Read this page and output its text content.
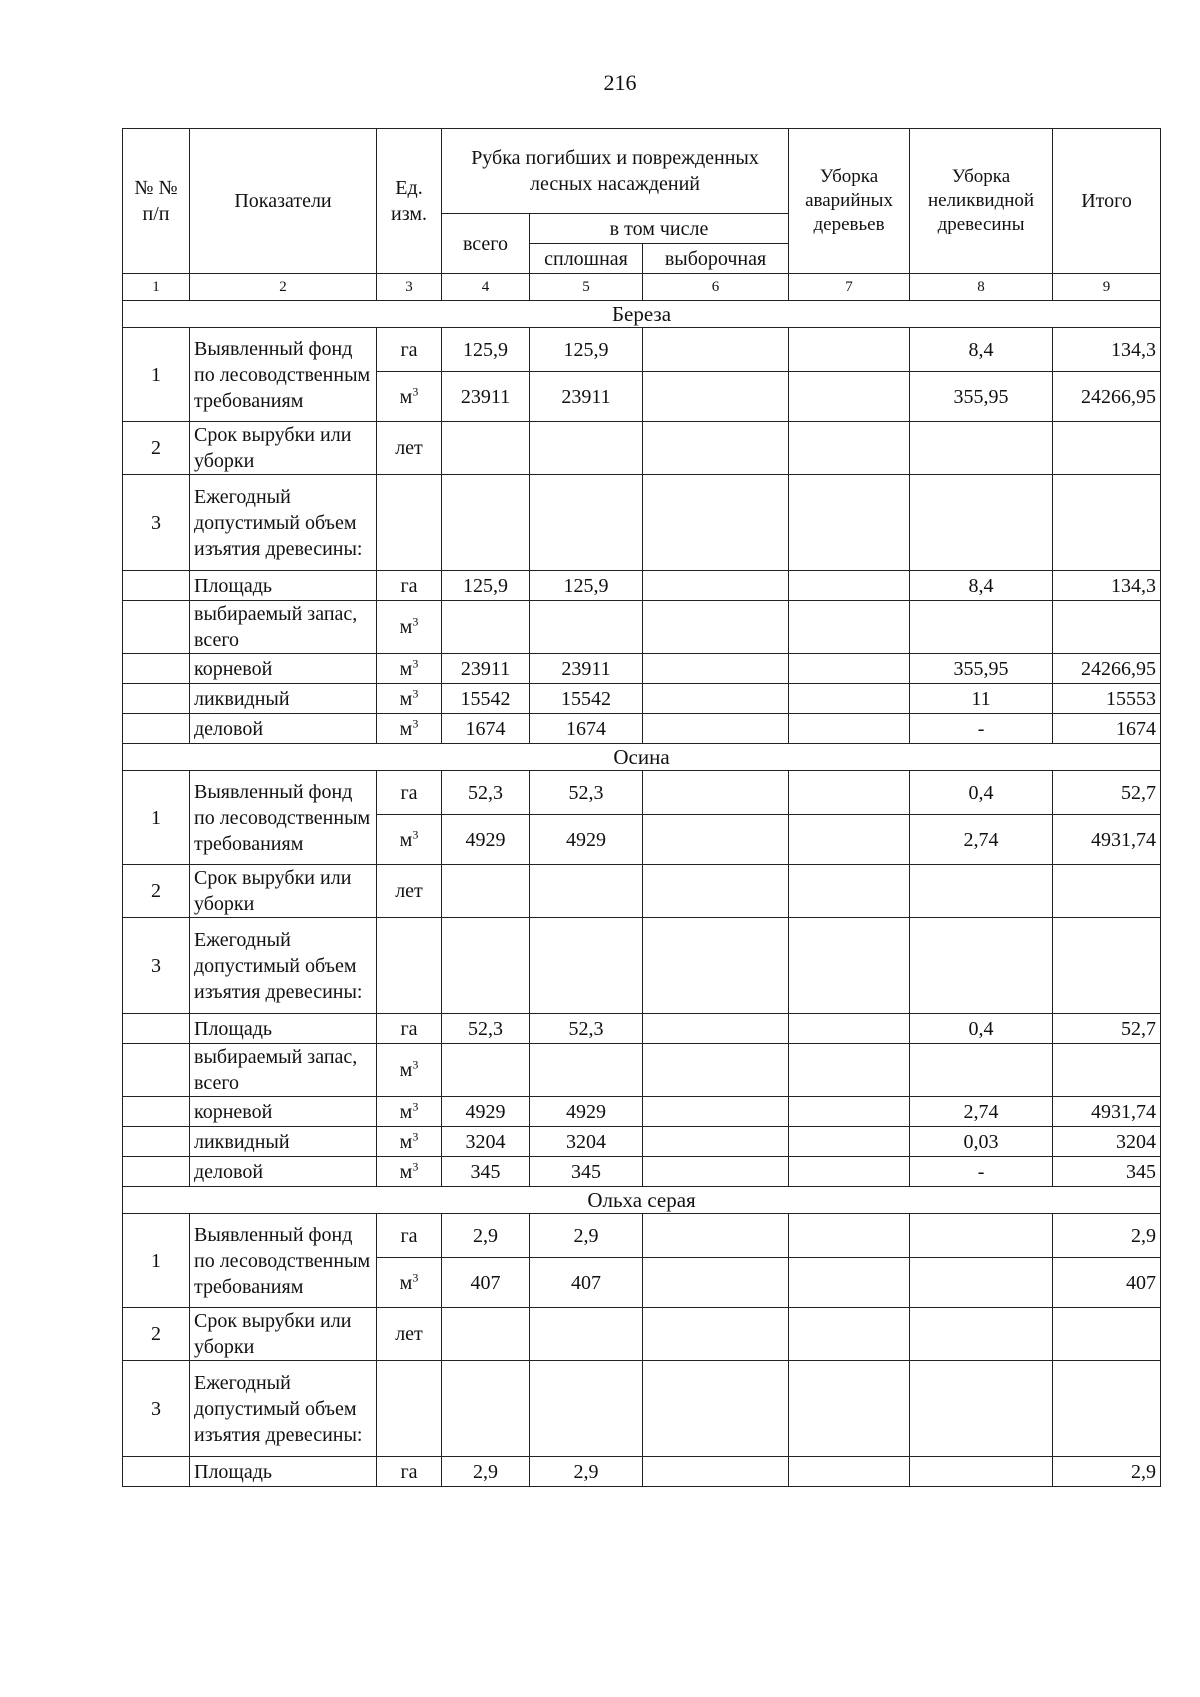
216
№ № п/п	Показатели	Ед. изм.	Рубка погибших и поврежденных лесных насаждений			Уборка аварийных деревьев	Уборка неликвидной древесины	Итого
			всего	в том числе				
				сплошная	выборочная			
1	2	3	4	5	6	7	8	9
Береза								
1	Выявленный фонд по лесоводственным требованиям	га	125,9	125,9			8,4	134,3
		$м^3$	23911	23911			355,95	24266,95
2	Срок вырубки или уборки	лет						
3	Ежегодный допустимый объем изъятия древесины:							
	Площадь	га	125,9	125,9			8,4	134,3
	выбираемый запас, всего	$м^3$						
	корневой	$м^3$	23911	23911			355,95	24266,95
	ликвидный	$м^3$	15542	15542			11	15553
	деловой	$м^3$	1674	1674			-	1674
Осина								
1	Выявленный фонд по лесоводственным требованиям	га	52,3	52,3			0,4	52,7
		$м^3$	4929	4929			2,74	4931,74
2	Срок вырубки или уборки	лет						
3	Ежегодный допустимый объем изъятия древесины:							
	Площадь	га	52,3	52,3			0,4	52,7
	выбираемый запас, всего	$м^3$						
	корневой	$м^3$	4929	4929			2,74	4931,74
	ликвидный	$м^3$	3204	3204			0,03	3204
	деловой	$м^3$	345	345			-	345
Ольха серая								
1	Выявленный фонд по лесоводственным требованиям	га	2,9	2,9				2,9
		$м^3$	407	407				407
2	Срок вырубки или уборки	лет						
3	Ежегодный допустимый объем изъятия древесины:							
	Площадь	га	2,9	2,9				2,9
